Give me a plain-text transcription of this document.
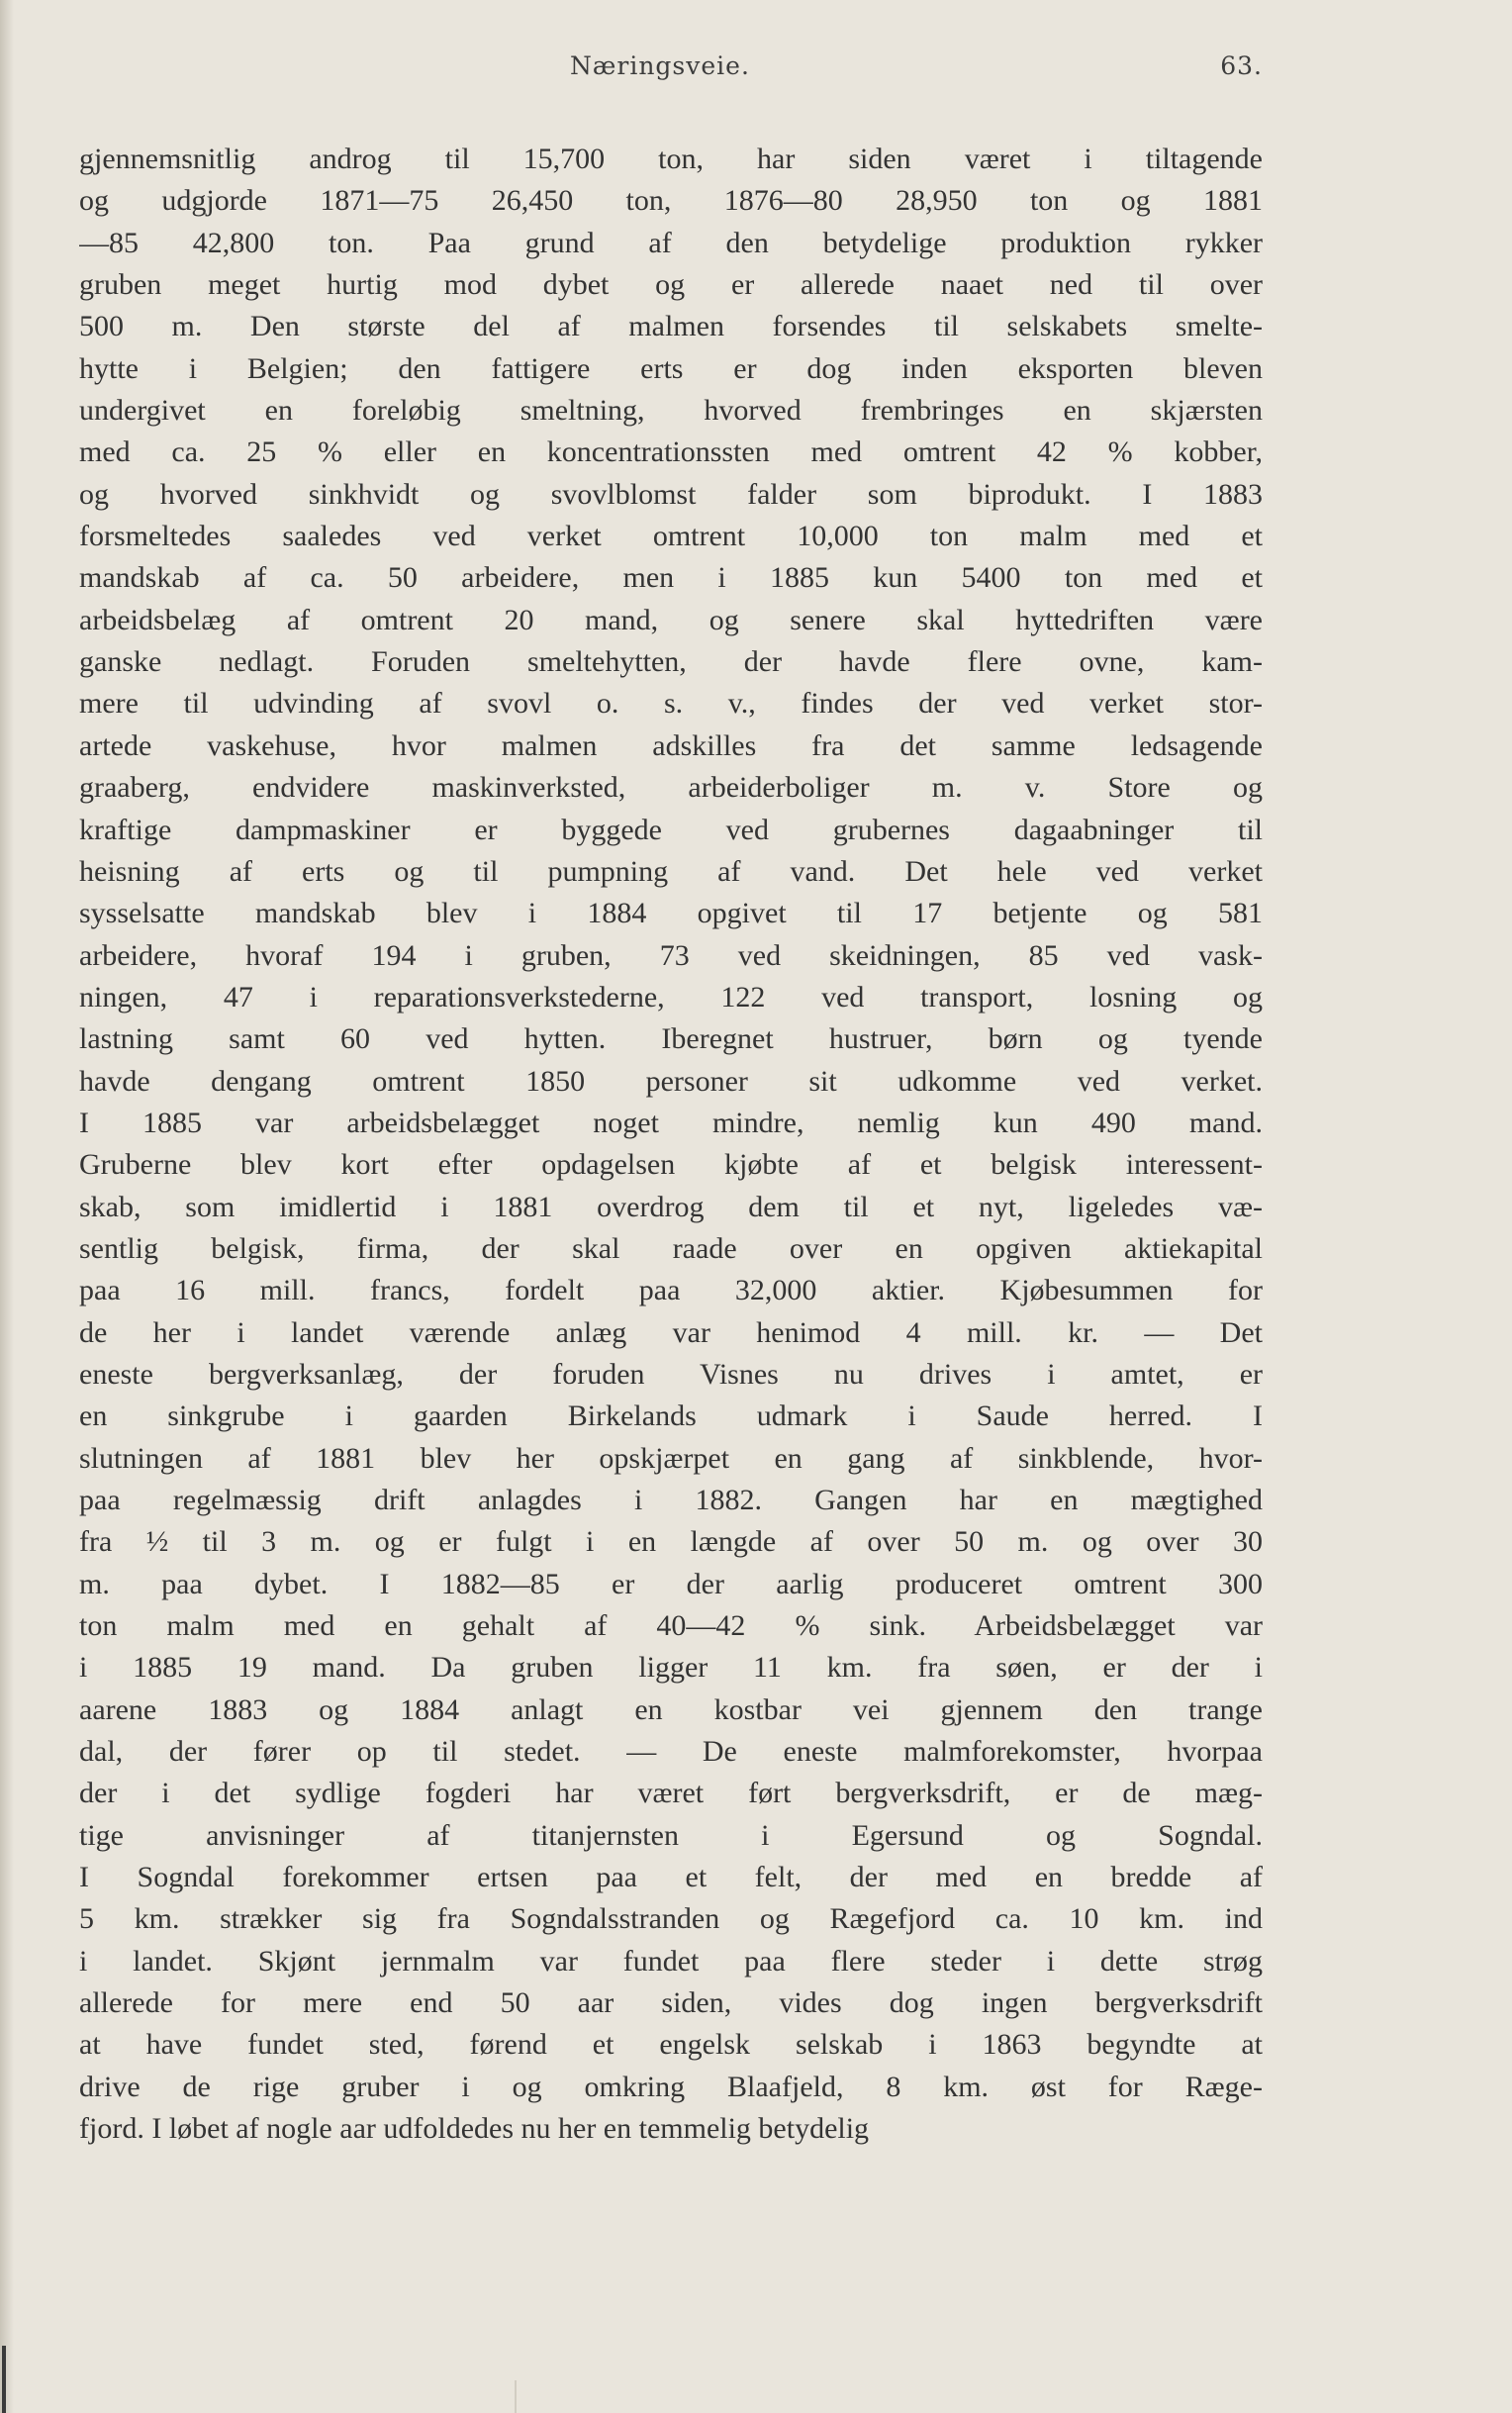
Næringsveie.	63.
gjennemsnitlig androg til 15,700 ton, har siden været i tiltagende
og udgjorde 1871—75 26,450 ton, 1876—80 28,950 ton og 1881
—85 42,800 ton. Paa grund af den betydelige produktion rykker
gruben meget hurtig mod dybet og er allerede naaet ned til over
500 m. Den største del af malmen forsendes til selskabets smelte-
hytte i Belgien; den fattigere erts er dog inden eksporten bleven
undergivet en foreløbig smeltning, hvorved frembringes en skjærsten
med ca. 25 % eller en koncentrationssten med omtrent 42 % kobber,
og hvorved sinkhvidt og svovlblomst falder som biprodukt. I 1883
forsmeltedes saaledes ved verket omtrent 10,000 ton malm med et
mandskab af ca. 50 arbeidere, men i 1885 kun 5400 ton med et
arbeidsbelæg af omtrent 20 mand, og senere skal hyttedriften være
ganske nedlagt. Foruden smeltehytten, der havde flere ovne, kam-
mere til udvinding af svovl o. s. v., findes der ved verket stor-
artede vaskehuse, hvor malmen adskilles fra det samme ledsagende
graaberg, endvidere maskinverksted, arbeiderboliger m. v. Store og
kraftige dampmaskiner er byggede ved grubernes dagaabninger til
heisning af erts og til pumpning af vand. Det hele ved verket
sysselsatte mandskab blev i 1884 opgivet til 17 betjente og 581
arbeidere, hvoraf 194 i gruben, 73 ved skeidningen, 85 ved vask-
ningen, 47 i reparationsverkstederne, 122 ved transport, losning og
lastning samt 60 ved hytten. Iberegnet hustruer, børn og tyende
havde dengang omtrent 1850 personer sit udkomme ved verket.
I 1885 var arbeidsbelægget noget mindre, nemlig kun 490 mand.
Gruberne blev kort efter opdagelsen kjøbte af et belgisk interessent-
skab, som imidlertid i 1881 overdrog dem til et nyt, ligeledes væ-
sentlig belgisk, firma, der skal raade over en opgiven aktiekapital
paa 16 mill. francs, fordelt paa 32,000 aktier. Kjøbesummen for
de her i landet værende anlæg var henimod 4 mill. kr. — Det
eneste bergverksanlæg, der foruden Visnes nu drives i amtet, er
en sinkgrube i gaarden Birkelands udmark i Saude herred. I
slutningen af 1881 blev her opskjærpet en gang af sinkblende, hvor-
paa regelmæssig drift anlagdes i 1882. Gangen har en mægtighed
fra ½ til 3 m. og er fulgt i en længde af over 50 m. og over 30
m. paa dybet. I 1882—85 er der aarlig produceret omtrent 300
ton malm med en gehalt af 40—42 % sink. Arbeidsbelægget var
i 1885 19 mand. Da gruben ligger 11 km. fra søen, er der i
aarene 1883 og 1884 anlagt en kostbar vei gjennem den trange
dal, der fører op til stedet. — De eneste malmforekomster, hvorpaa
der i det sydlige fogderi har været ført bergverksdrift, er de mæg-
tige anvisninger af titanjernsten i Egersund og Sogndal.
I Sogndal forekommer ertsen paa et felt, der med en bredde af
5 km. strækker sig fra Sogndalsstranden og Rægefjord ca. 10 km. ind
i landet. Skjønt jernmalm var fundet paa flere steder i dette strøg
allerede for mere end 50 aar siden, vides dog ingen bergverksdrift
at have fundet sted, førend et engelsk selskab i 1863 begyndte at
drive de rige gruber i og omkring Blaafjeld, 8 km. øst for Ræge-
fjord. I løbet af nogle aar udfoldedes nu her en temmelig betydelig
